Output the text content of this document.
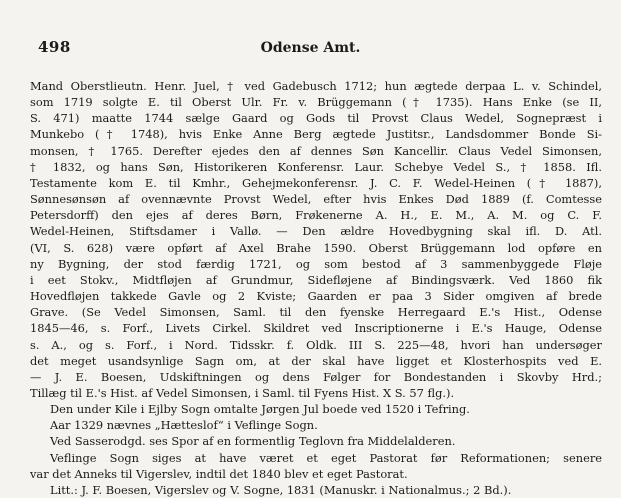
498	Odense Amt.
Mand Oberstlieutn. Henr. Juel, † ved Gadebusch 1712; hun ægtede derpaa L. v. Schindel,
som 1719 solgte E. til Oberst Ulr. Fr. v. Brüggemann († 1735). Hans Enke (se II,
S. 471) maatte 1744 sælge Gaard og Gods til Provst Claus Wedel, Sognepræst i
Munkebo († 1748), hvis Enke Anne Berg ægtede Justitsr., Landsdommer Bonde Si-
monsen, † 1765. Derefter ejedes den af dennes Søn Kancellir. Claus Vedel Simonsen,
† 1832, og hans Søn, Historikeren Konferensr. Laur. Schebye Vedel S., † 1858. Ifl.
Testamente kom E. til Kmhr., Gehejmekonferensr. J. C. F. Wedel-Heinen († 1887),
Sønnesønsøn af ovennævnte Provst Wedel, efter hvis Enkes Død 1889 (f. Comtesse
Petersdorff) den ejes af deres Børn, Frøkenerne A. H., E. M., A. M. og C. F.
Wedel-Heinen, Stiftsdamer i Vallø. — Den ældre Hovedbygning skal ifl. D. Atl.
(VI, S. 628) være opført af Axel Brahe 1590. Oberst Brüggemann lod opføre en
ny Bygning, der stod færdig 1721, og som bestod af 3 sammenbyggede Fløje
i eet Stokv., Midtfløjen af Grundmur, Sidefløjene af Bindingsværk. Ved 1860 fik
Hovedfløjen takkede Gavle og 2 Kviste; Gaarden er paa 3 Sider omgiven af brede
Grave. (Se Vedel Simonsen, Saml. til den fyenske Herregaard E.'s Hist., Odense
1845—46, s. Forf., Livets Cirkel. Skildret ved Inscriptionerne i E.'s Hauge, Odense
s. A., og s. Forf., i Nord. Tidsskr. f. Oldk. III S. 225—48, hvori han undersøger
det meget usandsynlige Sagn om, at der skal have ligget et Klosterhospits ved E.
— J. E. Boesen, Udskiftningen og dens Følger for Bondestanden i Skovby Hrd.;
Tillæg til E.'s Hist. af Vedel Simonsen, i Saml. til Fyens Hist. X S. 57 flg.).
Den under Kile i Ejlby Sogn omtalte Jørgen Jul boede ved 1520 i Tefring.
Aar 1329 nævnes „Hætteslof“ i Veflinge Sogn.
Ved Sasserodgd. ses Spor af en formentlig Teglovn fra Middelalderen.
Veflinge Sogn siges at have været et eget Pastorat før Reformationen; senere
var det Anneks til Vigerslev, indtil det 1840 blev et eget Pastorat.
Litt.: J. F. Boesen, Vigerslev og V. Sogne, 1831 (Manuskr. i Nationalmus.; 2 Bd.).
